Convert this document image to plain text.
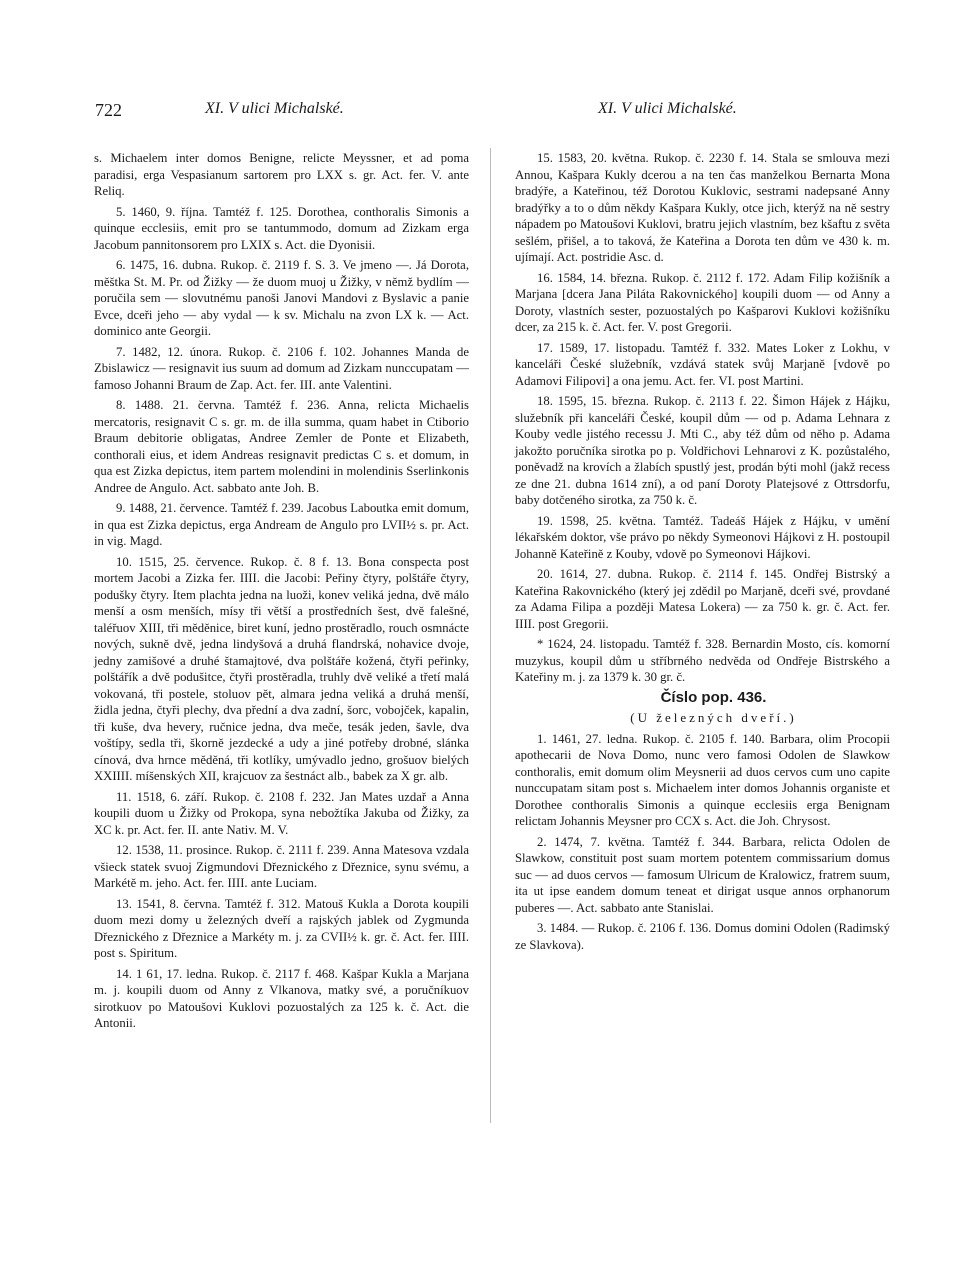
722	XI. V ulici Michalské.	XI. V ulici Michalské.

s. Michaelem inter domos Benigne, relicte Meyssner, et ad poma paradisi, erga Vespasianum sartorem pro LXX s. gr. Act. fer. V. ante Reliq.

5. 1460, 9. října. Tamtéž f. 125. Dorothea, conthoralis Simonis a quinque ecclesiis, emit pro se tantummodo, domum ad Zizkam erga Jacobum pannitonsorem pro LXIX s. Act. die Dyonisii.

6. 1475, 16. dubna. Rukop. č. 2119 f. S. 3. Ve jmeno —. Já Dorota, měštka St. M. Pr. od Žižky — že duom muoj u Žižky, v němž bydlím — poručila sem — slovutnému panoši Janovi Mandovi z Byslavic a panie Evce, dceři jeho — aby vydal — k sv. Michalu na zvon LX k. — Act. dominico ante Georgii.

7. 1482, 12. února. Rukop. č. 2106 f. 102. Johannes Manda de Zbislawicz — resignavit ius suum ad domum ad Zizkam nunccupatam — famoso Johanni Braum de Zap. Act. fer. III. ante Valentini.

8. 1488. 21. června. Tamtéž f. 236. Anna, relicta Michaelis mercatoris, resignavit C s. gr. m. de illa summa, quam habet in Ctiborio Braum debitorie obligatas, Andree Zemler de Ponte et Elizabeth, conthorali eius, et idem Andreas resignavit predictas C s. et domum, in qua est Zizka depictus, item partem molendini in molendinis Sserlinkonis Andree de Angulo. Act. sabbato ante Joh. B.

9. 1488, 21. července. Tamtéž f. 239. Jacobus Laboutka emit domum, in qua est Zizka depictus, erga Andream de Angulo pro LVII½ s. pr. Act. in vig. Magd.

10. 1515, 25. července. Rukop. č. 8 f. 13. Bona conspecta post mortem Jacobi a Zizka fer. IIII. die Jacobi: Peřiny čtyry, polštáře čtyry, podušky čtyry. Item plachta jedna na luoži, konev veliká jedna, dvě málo menší a osm menších, mísy tři větší a prostředních šest, dvě falešné, taléřuov XIII, tři měděnice, biret kuní, jedno prostěradlo, rouch osmnácte nových, sukně dvě, jedna lindyšová a druhá flandrská, nohavice dvoje, jedny zamišové a druhé štamajtové, dva polštáře kožená, čtyři peřinky, polštářík a dvě podušitce, čtyři prostěradla, truhly dvě veliké a třetí malá vokovaná, tři postele, stoluov pět, almara jedna veliká a druhá menší, židla jedna, čtyři plechy, dva přední a dva zadní, šorc, vobojček, kapalin, tři kuše, dva hevery, ručnice jedna, dva meče, tesák jeden, šavle, dva voštípy, sedla tři, škorně jezdecké a udy a jiné potřeby drobné, slánka cínová, dva hrnce měděná, tři kotlíky, umývadlo jedno, grošuov bielých XXIIII. míšenských XII, krajcuov za šestnáct alb., babek za X gr. alb.

11. 1518, 6. září. Rukop. č. 2108 f. 232. Jan Mates uzdař a Anna koupili duom u Žižky od Prokopa, syna nebožtíka Jakuba od Žižky, za XC k. pr. Act. fer. II. ante Nativ. M. V.

12. 1538, 11. prosince. Rukop. č. 2111 f. 239. Anna Matesova vzdala všieck statek svuoj Zigmundovi Dřeznického z Dřeznice, synu svému, a Markétě m. jeho. Act. fer. IIII. ante Luciam.

13. 1541, 8. června. Tamtéž f. 312. Matouš Kukla a Dorota koupili duom mezi domy u železných dveří a rajských jablek od Zygmunda Dřeznického z Dřeznice a Markéty m. j. za CVII½ k. gr. č. Act. fer. IIII. post s. Spiritum.

14. 1 61, 17. ledna. Rukop. č. 2117 f. 468. Kašpar Kukla a Marjana m. j. koupili duom od Anny z Vlkanova, matky své, a poručníkuov sirotkuov po Matoušovi Kuklovi pozuostalých za 125 k. č. Act. die Antonii.

15. 1583, 20. května. Rukop. č. 2230 f. 14. Stala se smlouva mezi Annou, Kašpara Kukly dcerou a na ten čas manželkou Bernarta Mona bradýře, a Kateřinou, též Dorotou Kuklovic, sestrami nadepsané Anny bradýřky a to o dům někdy Kašpara Kukly, otce jich, kterýž na ně sestry nápadem po Matoušovi Kuklovi, bratru jejich vlastním, bez kšaftu z světa sešlém, přišel, a to taková, že Kateřina a Dorota ten dům ve 430 k. m. ujímají. Act. postridie Asc. d.

16. 1584, 14. března. Rukop. č. 2112 f. 172. Adam Filip kožišník a Marjana [dcera Jana Piláta Rakovnického] koupili duom — od Anny a Doroty, vlastních sester, pozuostalých po Kašparovi Kuklovi kožišníku dcer, za 215 k. č. Act. fer. V. post Gregorii.

17. 1589, 17. listopadu. Tamtéž f. 332. Mates Loker z Lokhu, v kanceláři České služebník, vzdává statek svůj Marjaně [vdově po Adamovi Filipovi] a ona jemu. Act. fer. VI. post Martini.

18. 1595, 15. března. Rukop. č. 2113 f. 22. Šimon Hájek z Hájku, služebník při kanceláři České, koupil dům — od p. Adama Lehnara z Kouby vedle jistého recessu J. Mti C., aby též dům od něho p. Adama jakožto poručníka sirotka po p. Voldřichovi Lehnarovi z K. pozůstalého, poněvadž na krovích a žlabích spustlý jest, prodán býti mohl (jakž recess ze dne 21. dubna 1614 zní), a od paní Doroty Platejsové z Ottrsdorfu, baby dotčeného sirotka, za 750 k. č.

19. 1598, 25. května. Tamtéž. Tadeáš Hájek z Hájku, v umění lékařském doktor, vše právo po někdy Symeonovi Hájkovi z H. postoupil Johanně Kateřině z Kouby, vdově po Symeonovi Hájkovi.

20. 1614, 27. dubna. Rukop. č. 2114 f. 145. Ondřej Bistrský a Kateřina Rakovnického (který jej zdědil po Marjaně, dceři své, provdané za Adama Filipa a později Matesa Lokera) — za 750 k. gr. č. Act. fer. IIII. post Gregorii.

* 1624, 24. listopadu. Tamtéž f. 328. Bernardin Mosto, cís. komorní muzykus, koupil dům u stříbrného nedvěda od Ondřeje Bistrského a Kateřiny m. j. za 1379 k. 30 gr. č.

Číslo pop. 436.

(U železných dveří.)

1. 1461, 27. ledna. Rukop. č. 2105 f. 140. Barbara, olim Procopii apothecarii de Nova Domo, nunc vero famosi Odolen de Slawkow conthoralis, emit domum olim Meysnerii ad duos cervos cum uno capite nunccupatam sitam post s. Michaelem inter domos Johannis organiste et Dorothee conthoralis Simonis a quinque ecclesiis erga Benignam relictam Johannis Meysner pro CCX s. Act. die Joh. Chrysost.

2. 1474, 7. května. Tamtéž f. 344. Barbara, relicta Odolen de Slawkow, constituit post suam mortem potentem commissarium domus suc — ad duos cervos — famosum Ulricum de Kralowicz, fratrem suum, ita ut ipse eandem domum teneat et dirigat usque annos orphanorum puberes —. Act. sabbato ante Stanislai.

3. 1484. — Rukop. č. 2106 f. 136. Domus domini Odolen (Radimský ze Slavkova).
